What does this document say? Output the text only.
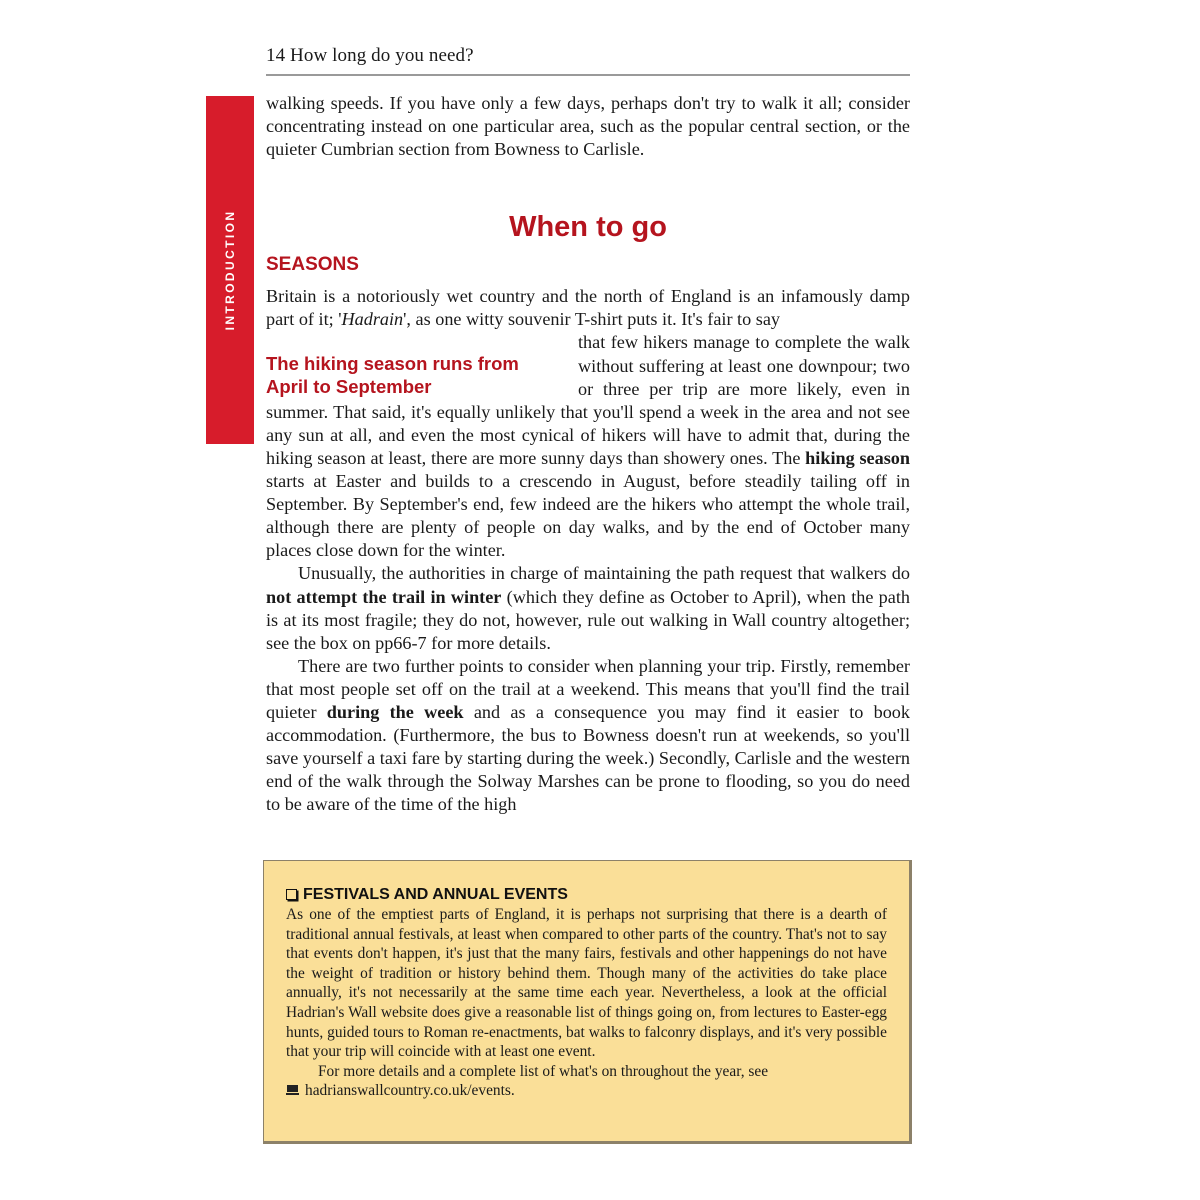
14 How long do you need?
INTRODUCTION

walking speeds. If you have only a few days, perhaps don't try to walk it all; consider concentrating instead on one particular area, such as the popular central section, or the quieter Cumbrian section from Bowness to Carlisle.

When to go
SEASONS

Britain is a notoriously wet country and the north of England is an infamously damp part of it; 'Hadrain', as one witty souvenir T-shirt puts it. It's fair to say

The hiking season runs from April to September

that few hikers manage to complete the walk without suffering at least one downpour; two or three per trip are more likely, even in summer. That said, it's equally unlikely that you'll spend a week in the area and not see any sun at all, and even the most cynical of hikers will have to admit that, during the hiking season at least, there are more sunny days than showery ones. The hiking season starts at Easter and builds to a crescendo in August, before steadily tailing off in September. By September's end, few indeed are the hikers who attempt the whole trail, although there are plenty of people on day walks, and by the end of October many places close down for the winter.

Unusually, the authorities in charge of maintaining the path request that walkers do not attempt the trail in winter (which they define as October to April), when the path is at its most fragile; they do not, however, rule out walking in Wall country altogether; see the box on pp66-7 for more details.

There are two further points to consider when planning your trip. Firstly, remember that most people set off on the trail at a weekend. This means that you'll find the trail quieter during the week and as a consequence you may find it easier to book accommodation. (Furthermore, the bus to Bowness doesn't run at weekends, so you'll save yourself a taxi fare by starting during the week.) Secondly, Carlisle and the western end of the walk through the Solway Marshes can be prone to flooding, so you do need to be aware of the time of the high

FESTIVALS AND ANNUAL EVENTS

As one of the emptiest parts of England, it is perhaps not surprising that there is a dearth of traditional annual festivals, at least when compared to other parts of the country. That's not to say that events don't happen, it's just that the many fairs, festivals and other happenings do not have the weight of tradition or history behind them. Though many of the activities do take place annually, it's not necessarily at the same time each year. Nevertheless, a look at the official Hadrian's Wall website does give a reasonable list of things going on, from lectures to Easter-egg hunts, guided tours to Roman re-enactments, bat walks to falconry displays, and it's very possible that your trip will coincide with at least one event.

For more details and a complete list of what's on throughout the year, see

hadrianswallcountry.co.uk/events.
